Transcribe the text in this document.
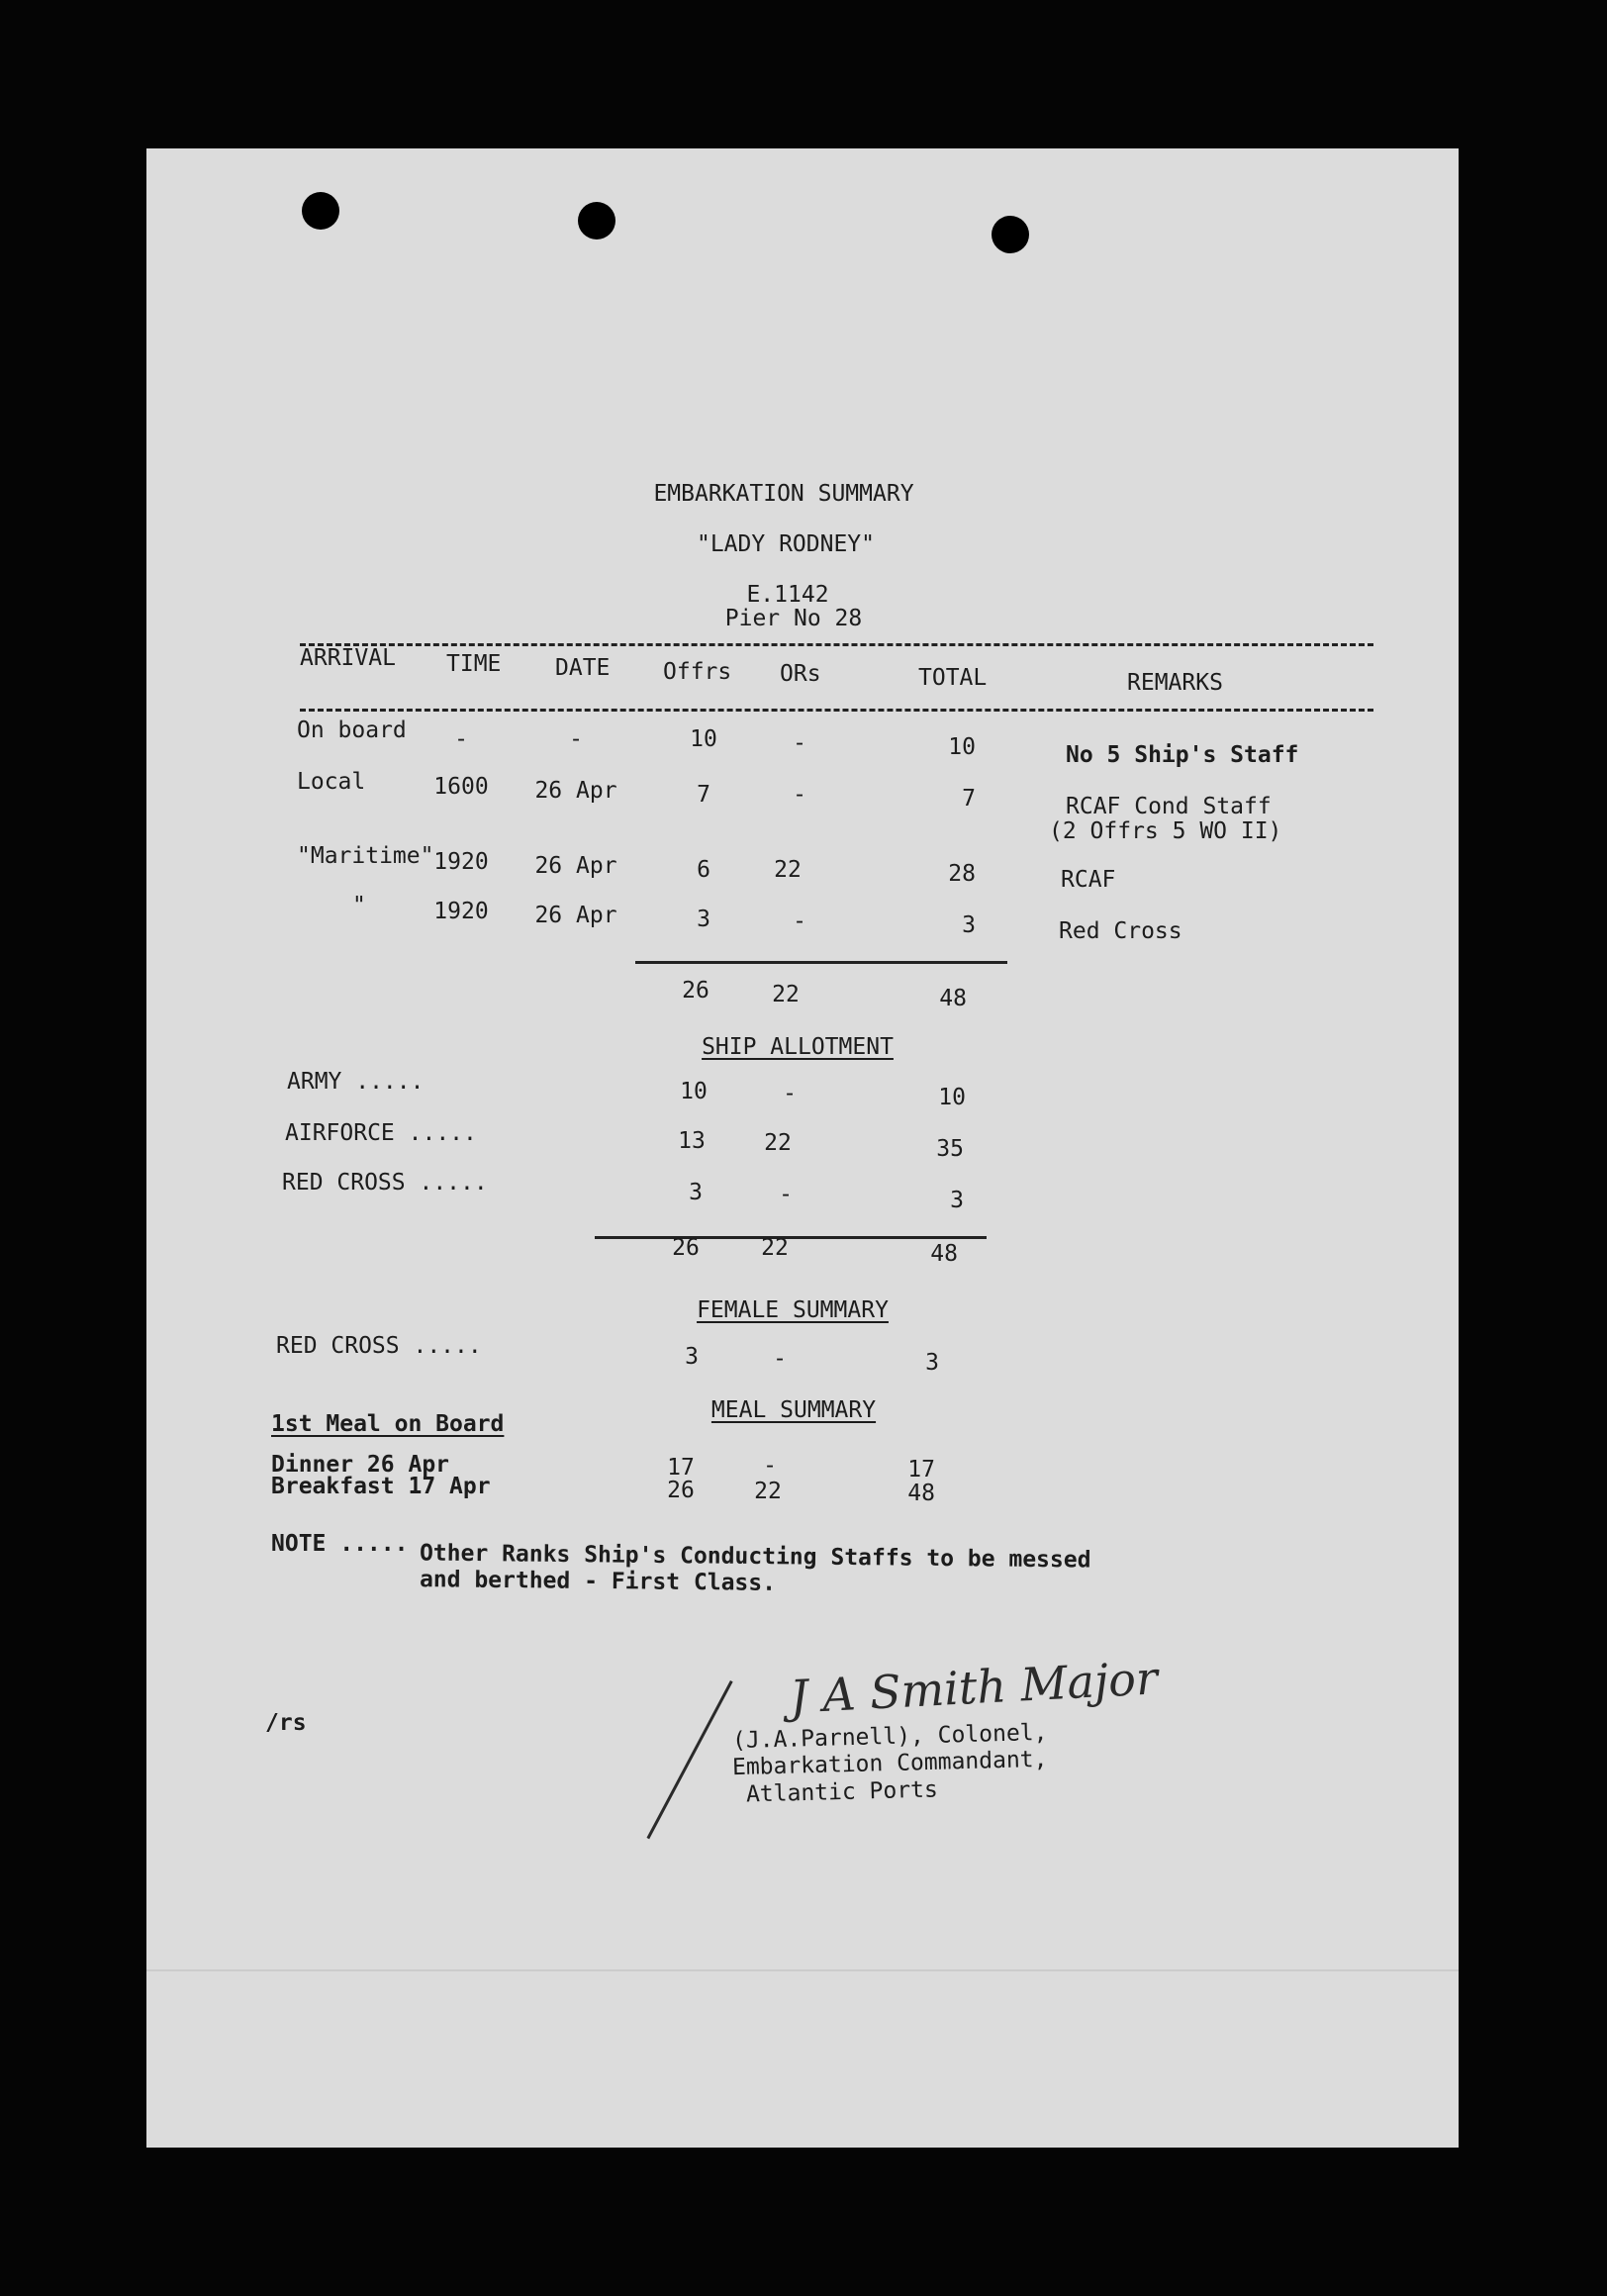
EMBARKATION SUMMARY
"LADY RODNEY"
E.1142
Pier No 28
ARRIVAL TIME DATE Offrs ORs	TOTAL	REMARKS
On board -	-	10	-	10	No 5 Ship's Staff
Local	1600 26 Apr	7	-	7	RCAF Cond Staff
(2 Offrs 5 WO II)
"Maritime" 1920 26 Apr	6	22	28	RCAF
"	1920 26 Apr	3	-	3	Red Cross
26	22	48
SHIP ALLOTMENT
ARMY .....	10	-	10
AIRFORCE .....	13	22	35
RED CROSS .....	3	-	3
26	22	48
FEMALE SUMMARY
RED CROSS .....	3	-	3
MEAL SUMMARY
1st Meal on Board
Dinner 26 Apr	17	-	17
Breakfast 17 Apr	26	22	48
NOTE ..... Other Ranks Ship's Conducting Staffs to be messed
and berthed - First Class.
/rs	J A Smith Major
(J.A.Parnell), Colonel,
Embarkation Commandant,
Atlantic Ports
